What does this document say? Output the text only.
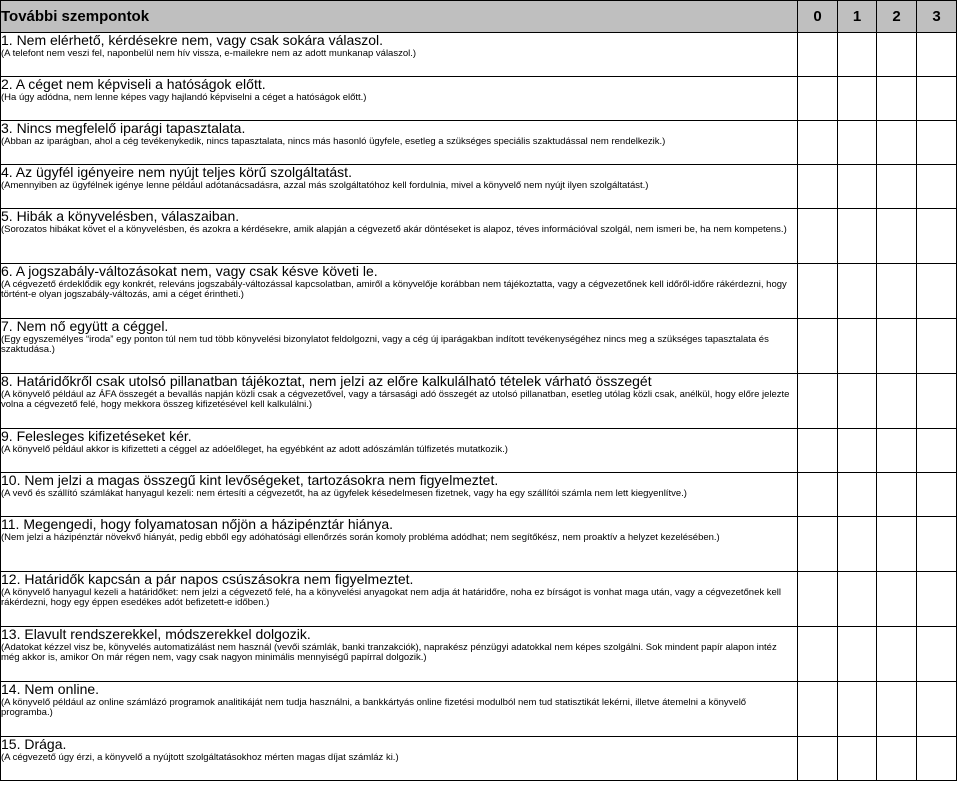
További szempontok	0	1	2	3

1. Nem elérhető, kérdésekre nem, vagy csak sokára válaszol.
(A telefont nem veszi fel, naponbelül nem hív vissza, e-mailekre nem az adott munkanap válaszol.)				

2. A céget nem képviseli a hatóságok előtt.
(Ha úgy adódna, nem lenne képes vagy hajlandó képviselni a céget a hatóságok előtt.)				

3. Nincs megfelelő iparági tapasztalata.
(Abban az iparágban, ahol a cég tevékenykedik, nincs tapasztalata, nincs más hasonló ügyfele, esetleg a szükséges speciális szaktudással nem rendelkezik.)				

4. Az ügyfél igényeire nem nyújt teljes körű szolgáltatást.
(Amennyiben az ügyfélnek igénye lenne például adótanácsadásra, azzal más szolgáltatóhoz kell fordulnia, mivel a könyvelő nem nyújt ilyen szolgáltatást.)				

5. Hibák a könyvelésben, válaszaiban.
(Sorozatos hibákat követ el a könyvelésben, és azokra a kérdésekre, amik alapján a cégvezető akár döntéseket is alapoz, téves információval szolgál, nem ismeri be, ha nem kompetens.)				

6. A jogszabály-változásokat nem, vagy csak késve követi le.
(A cégvezető érdeklődik egy konkrét, releváns jogszabály-változással kapcsolatban, amiről a könyvelője korábban nem tájékoztatta, vagy a cégvezetőnek kell időről-időre rákérdezni, hogy történt-e olyan jogszabály-változás, ami a céget érintheti.)				

7. Nem nő együtt a céggel.
(Egy egyszemélyes “iroda” egy ponton túl nem tud több könyvelési bizonylatot feldolgozni, vagy a cég új iparágakban indított tevékenységéhez nincs meg a szükséges tapasztalata és szaktudása.)				

8. Határidőkről csak utolsó pillanatban tájékoztat, nem jelzi az előre kalkulálható tételek várható összegét
(A könyvelő például az ÁFA összegét a bevallás napján közli csak a cégvezetővel, vagy a társasági adó összegét az utolsó pillanatban, esetleg utólag közli csak, anélkül, hogy előre jelezte volna a cégvezető felé, hogy mekkora összeg kifizetésével kell kalkulálni.)				

9. Felesleges kifizetéseket kér.
(A könyvelő például akkor is kifizetteti a céggel az adóelőleget, ha egyébként az adott adószámlán túlfizetés mutatkozik.)				

10. Nem jelzi a magas összegű kint levőségeket, tartozásokra nem figyelmeztet.
(A vevő és szállító számlákat hanyagul kezeli: nem értesíti a cégvezetőt, ha az ügyfelek késedelmesen fizetnek, vagy ha egy szállítói számla nem lett kiegyenlítve.)				

11. Megengedi, hogy folyamatosan nőjön a házipénztár hiánya.
(Nem jelzi a házipénztár növekvő hiányát, pedig ebből egy adóhatósági ellenőrzés során komoly probléma adódhat; nem segítőkész, nem proaktív a helyzet kezelésében.)				

12. Határidők kapcsán a pár napos csúszásokra nem figyelmeztet.
(A könyvelő hanyagul kezeli a határidőket: nem jelzi a cégvezető felé, ha a könyvelési anyagokat nem adja át határidőre, noha ez bírságot is vonhat maga után, vagy a cégvezetőnek kell rákérdezni, hogy egy éppen esedékes adót befizetett-e időben.)				

13. Elavult rendszerekkel, módszerekkel dolgozik.
(Adatokat kézzel visz be, könyvelés automatizálást nem használ (vevői számlák, banki tranzakciók), naprakész pénzügyi adatokkal nem képes szolgálni. Sok mindent papír alapon intéz még akkor is, amikor On már régen nem, vagy csak nagyon minimális mennyiségű papírral dolgozik.)				

14. Nem online.
(A könyvelő például az online számlázó programok analitikáját nem tudja használni, a bankkártyás online fizetési modulból nem tud statisztikát lekérni, illetve átemelni a könyvelő programba.)				

15. Drága.
(A cégvezető úgy érzi, a könyvelő a nyújtott szolgáltatásokhoz mérten magas díjat számláz ki.)				
